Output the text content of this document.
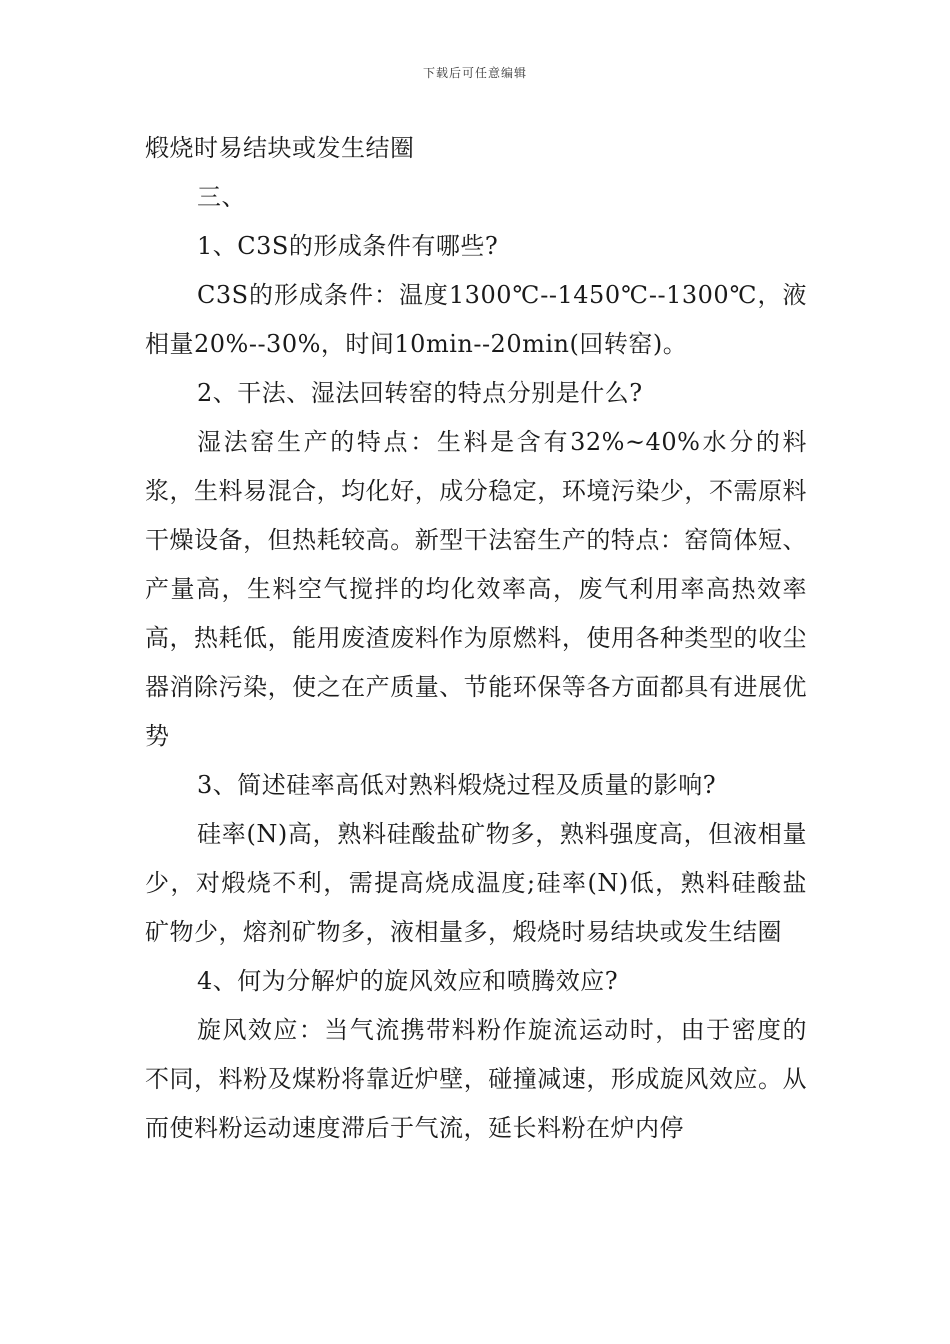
下载后可任意编辑

煅烧时易结块或发生结圈

三、

1、C3S的形成条件有哪些?

C3S的形成条件：温度1300℃--1450℃--1300℃，液相量20%--30%，时间10min--20min(回转窑)。

2、干法、湿法回转窑的特点分别是什么?

湿法窑生产的特点：生料是含有32%~40%水分的料浆，生料易混合，均化好，成分稳定，环境污染少，不需原料干燥设备，但热耗较高。新型干法窑生产的特点：窑筒体短、产量高，生料空气搅拌的均化效率高，废气利用率高热效率高，热耗低，能用废渣废料作为原燃料，使用各种类型的收尘器消除污染，使之在产质量、节能环保等各方面都具有进展优势

3、简述硅率高低对熟料煅烧过程及质量的影响?

硅率(N)高，熟料硅酸盐矿物多，熟料强度高，但液相量少，对煅烧不利，需提高烧成温度;硅率(N)低，熟料硅酸盐矿物少，熔剂矿物多，液相量多，煅烧时易结块或发生结圈

4、何为分解炉的旋风效应和喷腾效应?

旋风效应：当气流携带料粉作旋流运动时，由于密度的不同，料粉及煤粉将靠近炉壁，碰撞减速，形成旋风效应。从而使料粉运动速度滞后于气流，延长料粉在炉内停
